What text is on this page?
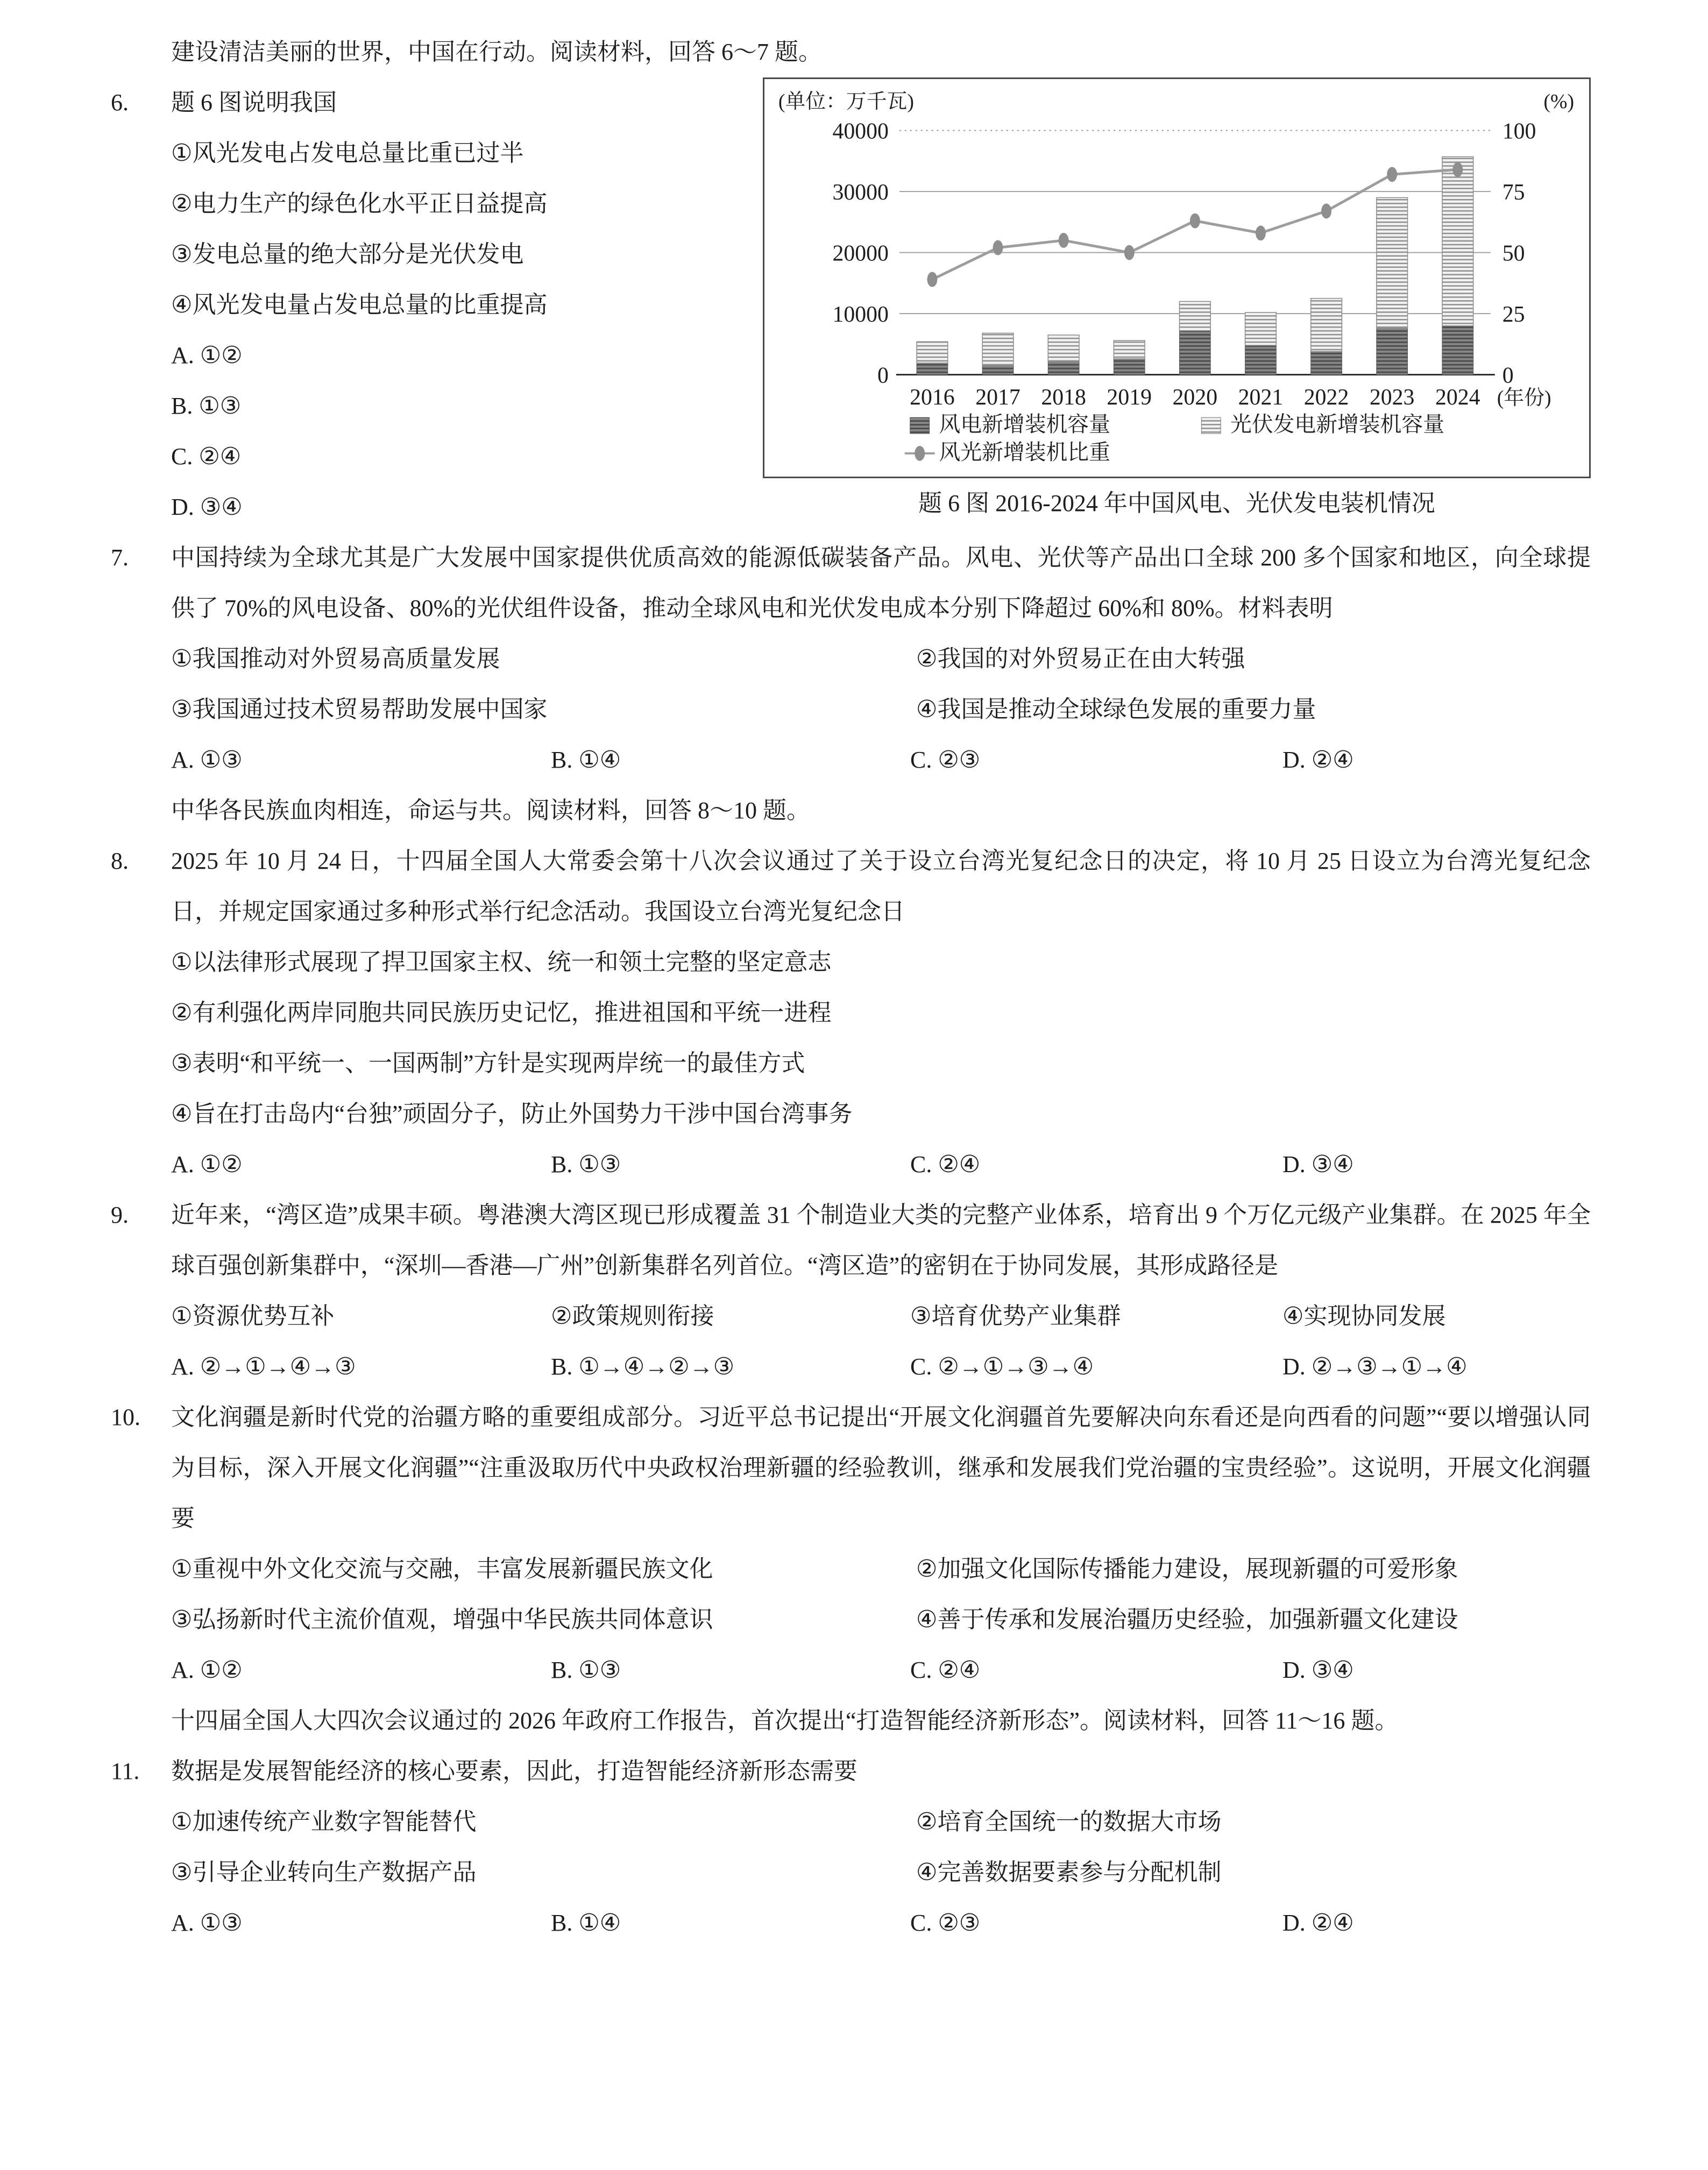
建设清洁美丽的世界，中国在行动。阅读材料，回答 6～7 题。

6.	题 6 图说明我国

①风光发电占发电总量比重已过半

②电力生产的绿色化水平正日益提高

③发电总量的绝大部分是光伏发电

④风光发电量占发电总量的比重提高

A. ①②

B. ①③

C. ②④

D. ③④

0
10000
20000
30000
40000
0
25
50
75
100
(单位：万千瓦)	(%)
2016 2017 2018 2019 2020 2021 2022 2023 2024 (年份)
风电新增装机容量	光伏发电新增装机容量
风光新增装机比重

题 6 图 2016-2024 年中国风电、光伏发电装机情况

7.	中国持续为全球尤其是广大发展中国家提供优质高效的能源低碳装备产品。风电、光伏等产品出口全球 200 多个国家和地区，向全球提供了 70%的风电设备、80%的光伏组件设备，推动全球风电和光伏发电成本分别下降超过 60%和 80%。材料表明

①我国推动对外贸易高质量发展	②我国的对外贸易正在由大转强

③我国通过技术贸易帮助发展中国家	④我国是推动全球绿色发展的重要力量

A. ①③	B. ①④	C. ②③	D. ②④

中华各民族血肉相连，命运与共。阅读材料，回答 8～10 题。

8.	2025 年 10 月 24 日，十四届全国人大常委会第十八次会议通过了关于设立台湾光复纪念日的决定，将 10 月 25 日设立为台湾光复纪念日，并规定国家通过多种形式举行纪念活动。我国设立台湾光复纪念日

①以法律形式展现了捍卫国家主权、统一和领土完整的坚定意志

②有利强化两岸同胞共同民族历史记忆，推进祖国和平统一进程

③表明“和平统一、一国两制”方针是实现两岸统一的最佳方式

④旨在打击岛内“台独”顽固分子，防止外国势力干涉中国台湾事务

A. ①②	B. ①③	C. ②④	D. ③④

9.	近年来，“湾区造”成果丰硕。粤港澳大湾区现已形成覆盖 31 个制造业大类的完整产业体系，培育出 9 个万亿元级产业集群。在 2025 年全球百强创新集群中，“深圳—香港—广州”创新集群名列首位。“湾区造”的密钥在于协同发展，其形成路径是

①资源优势互补	②政策规则衔接	③培育优势产业集群	④实现协同发展

A. ②→①→④→③	B. ①→④→②→③	C. ②→①→③→④	D. ②→③→①→④

10.	文化润疆是新时代党的治疆方略的重要组成部分。习近平总书记提出“开展文化润疆首先要解决向东看还是向西看的问题”“要以增强认同为目标，深入开展文化润疆”“注重汲取历代中央政权治理新疆的经验教训，继承和发展我们党治疆的宝贵经验”。这说明，开展文化润疆要

①重视中外文化交流与交融，丰富发展新疆民族文化	②加强文化国际传播能力建设，展现新疆的可爱形象

③弘扬新时代主流价值观，增强中华民族共同体意识	④善于传承和发展治疆历史经验，加强新疆文化建设

A. ①②	B. ①③	C. ②④	D. ③④

十四届全国人大四次会议通过的 2026 年政府工作报告，首次提出“打造智能经济新形态”。阅读材料，回答 11～16 题。

11.	数据是发展智能经济的核心要素，因此，打造智能经济新形态需要

①加速传统产业数字智能替代	②培育全国统一的数据大市场

③引导企业转向生产数据产品	④完善数据要素参与分配机制

A. ①③	B. ①④	C. ②③	D. ②④
